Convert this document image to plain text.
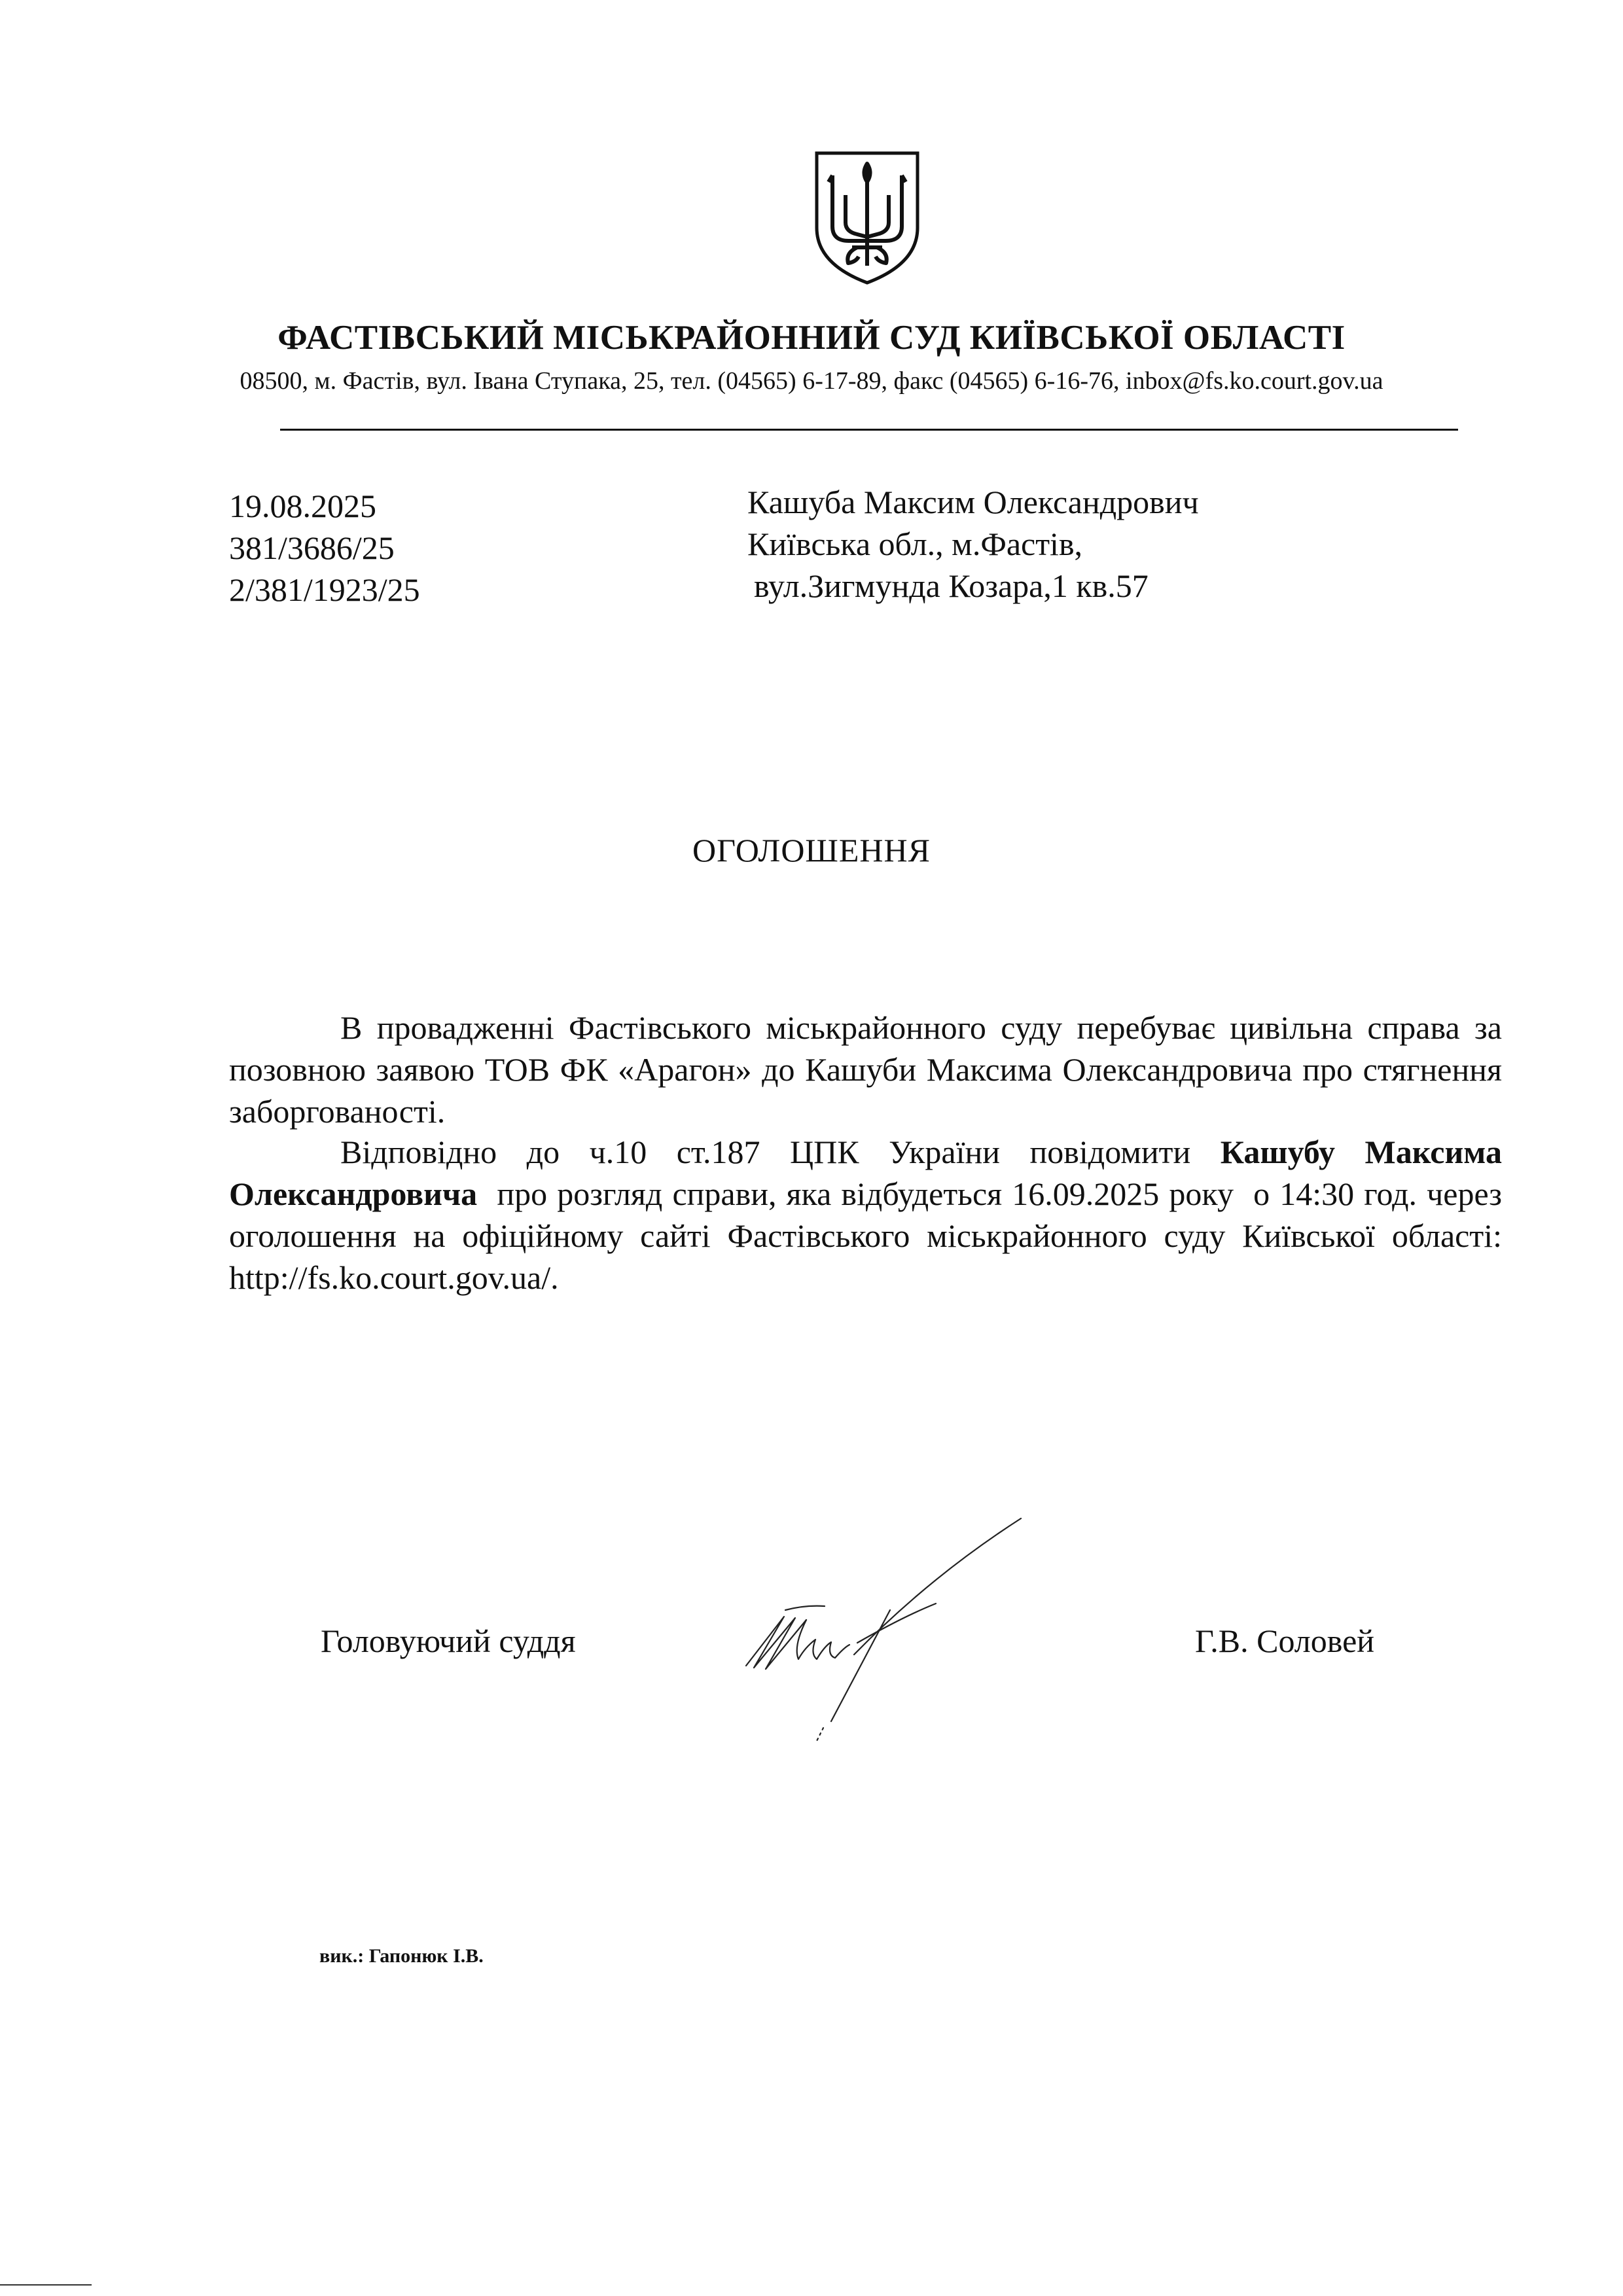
ФАСТІВСЬКИЙ МІСЬКРАЙОННИЙ СУД КИЇВСЬКОЇ ОБЛАСТІ
08500, м. Фастів, вул. Івана Ступака, 25, тел. (04565) 6-17-89, факс (04565) 6-16-76, inbox@fs.ko.court.gov.ua
19.08.2025
381/3686/25
2/381/1923/25
Кашуба Максим Олександрович
Київська обл., м.Фастів,
вул.Зигмунда Козара,1 кв.57
ОГОЛОШЕННЯ
В провадженні Фастівського міськрайонного суду перебуває цивільна справа за позовною заявою ТОВ ФК «Арагон» до Кашуби Максима Олександровича про стягнення заборгованості.
Відповідно до ч.10 ст.187 ЦПК України повідомити Кашубу Максима Олександровича  про розгляд справи, яка відбудеться 16.09.2025 року  о 14:30 год. через оголошення на офіційному сайті Фастівського міськрайонного суду Київської області: http://fs.ko.court.gov.ua/.
Головуючий суддя	Г.В. Соловей
вик.: Гапонюк І.В.
